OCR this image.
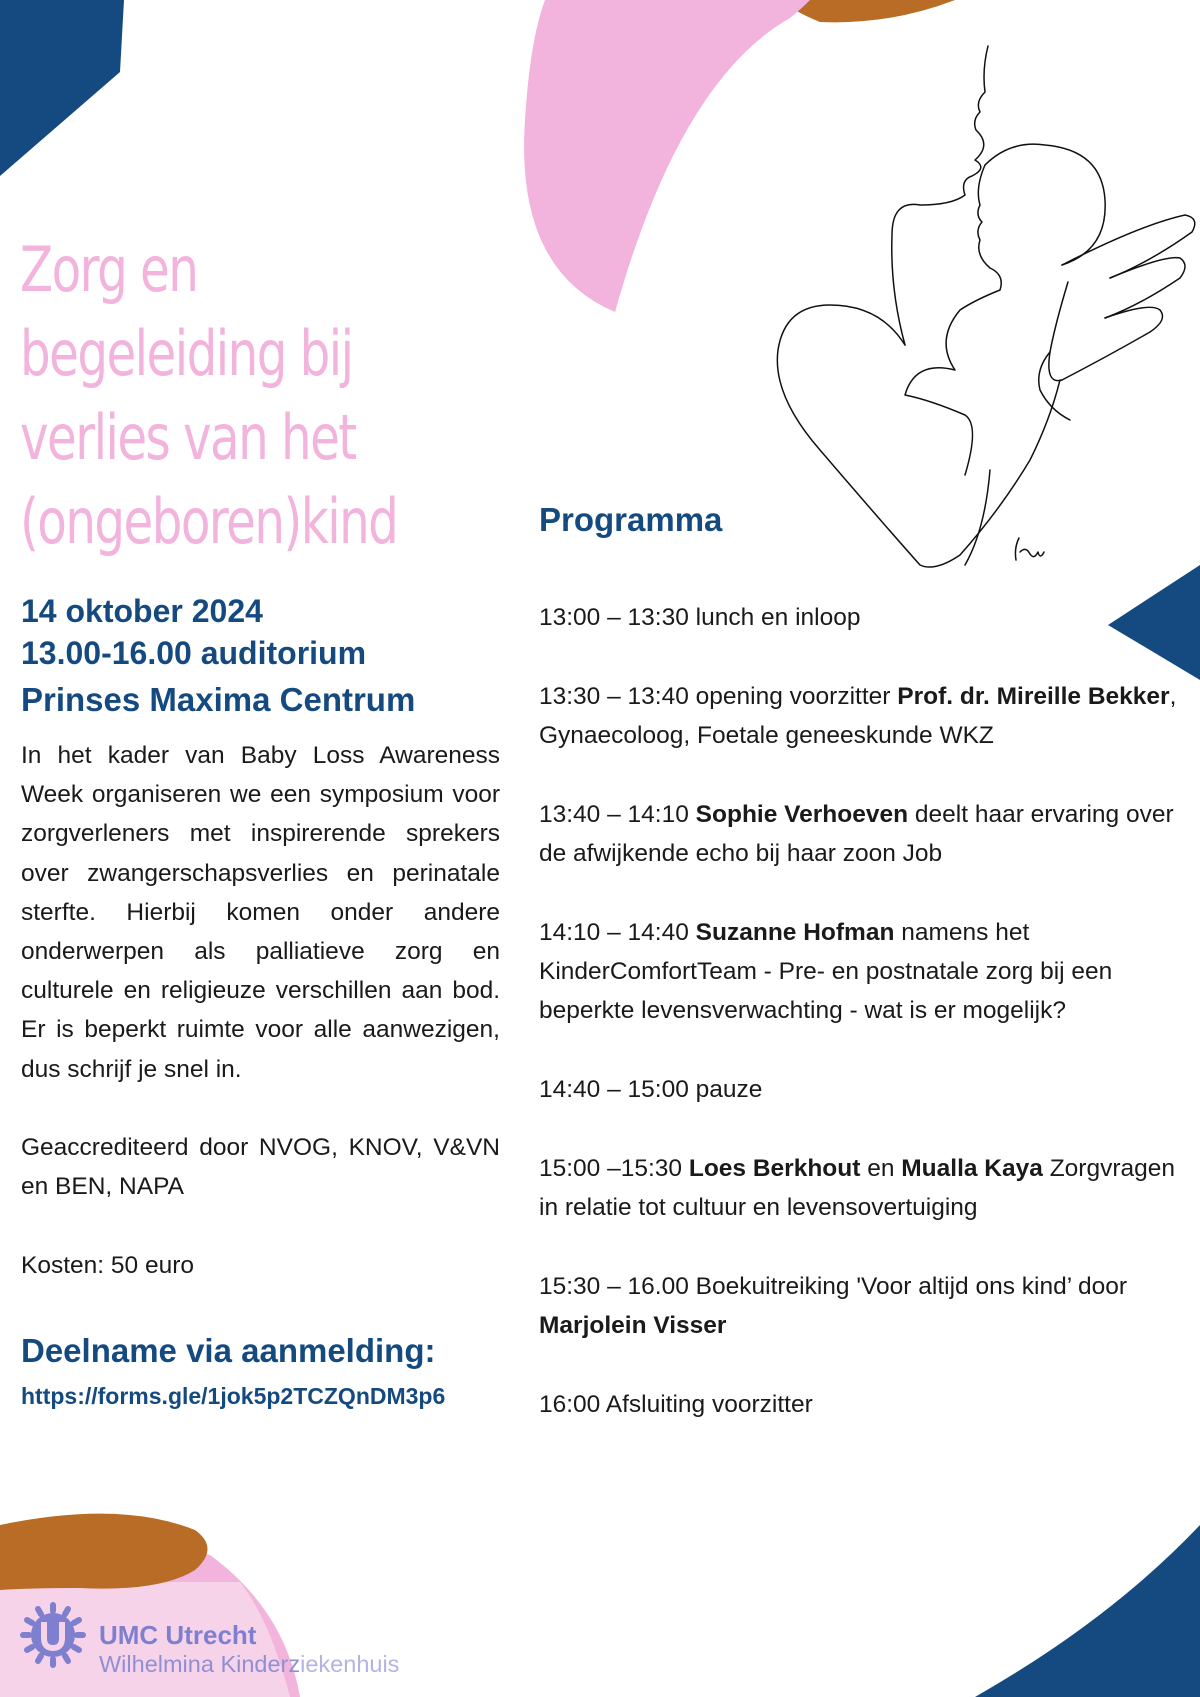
Zorg en
begeleiding bij
verlies van het
(ongeboren)kind
14 oktober 2024
13.00-16.00 auditorium
Prinses Maxima Centrum

In het kader van Baby Loss Awareness Week organiseren we een symposium voor zorgverleners met inspirerende sprekers over zwangerschapsverlies en perinatale sterfte. Hierbij komen onder andere onderwerpen als palliatieve zorg en culturele en religieuze verschillen aan bod. Er is beperkt ruimte voor alle aanwezigen, dus schrijf je snel in.

Geaccrediteerd door NVOG, KNOV, V&VN en BEN, NAPA

Kosten: 50 euro

Deelname via aanmelding:
https://forms.gle/1jok5p2TCZQnDM3p6
Programma

13:00 – 13:30 lunch en inloop

13:30 – 13:40 opening voorzitter Prof. dr. Mireille Bekker, Gynaecoloog, Foetale geneeskunde WKZ

13:40 – 14:10 Sophie Verhoeven deelt haar ervaring over de afwijkende echo bij haar zoon Job

14:10 – 14:40 Suzanne Hofman namens het KinderComfortTeam - Pre- en postnatale zorg bij een beperkte levensverwachting - wat is er mogelijk?

14:40 – 15:00 pauze

15:00 –15:30 Loes Berkhout en Mualla Kaya Zorgvragen in relatie tot cultuur en levensovertuiging

15:30 – 16.00 Boekuitreiking 'Voor altijd ons kind’ door Marjolein Visser

16:00 Afsluiting voorzitter

UMC Utrecht
Wilhelmina Kinderziekenhuis
